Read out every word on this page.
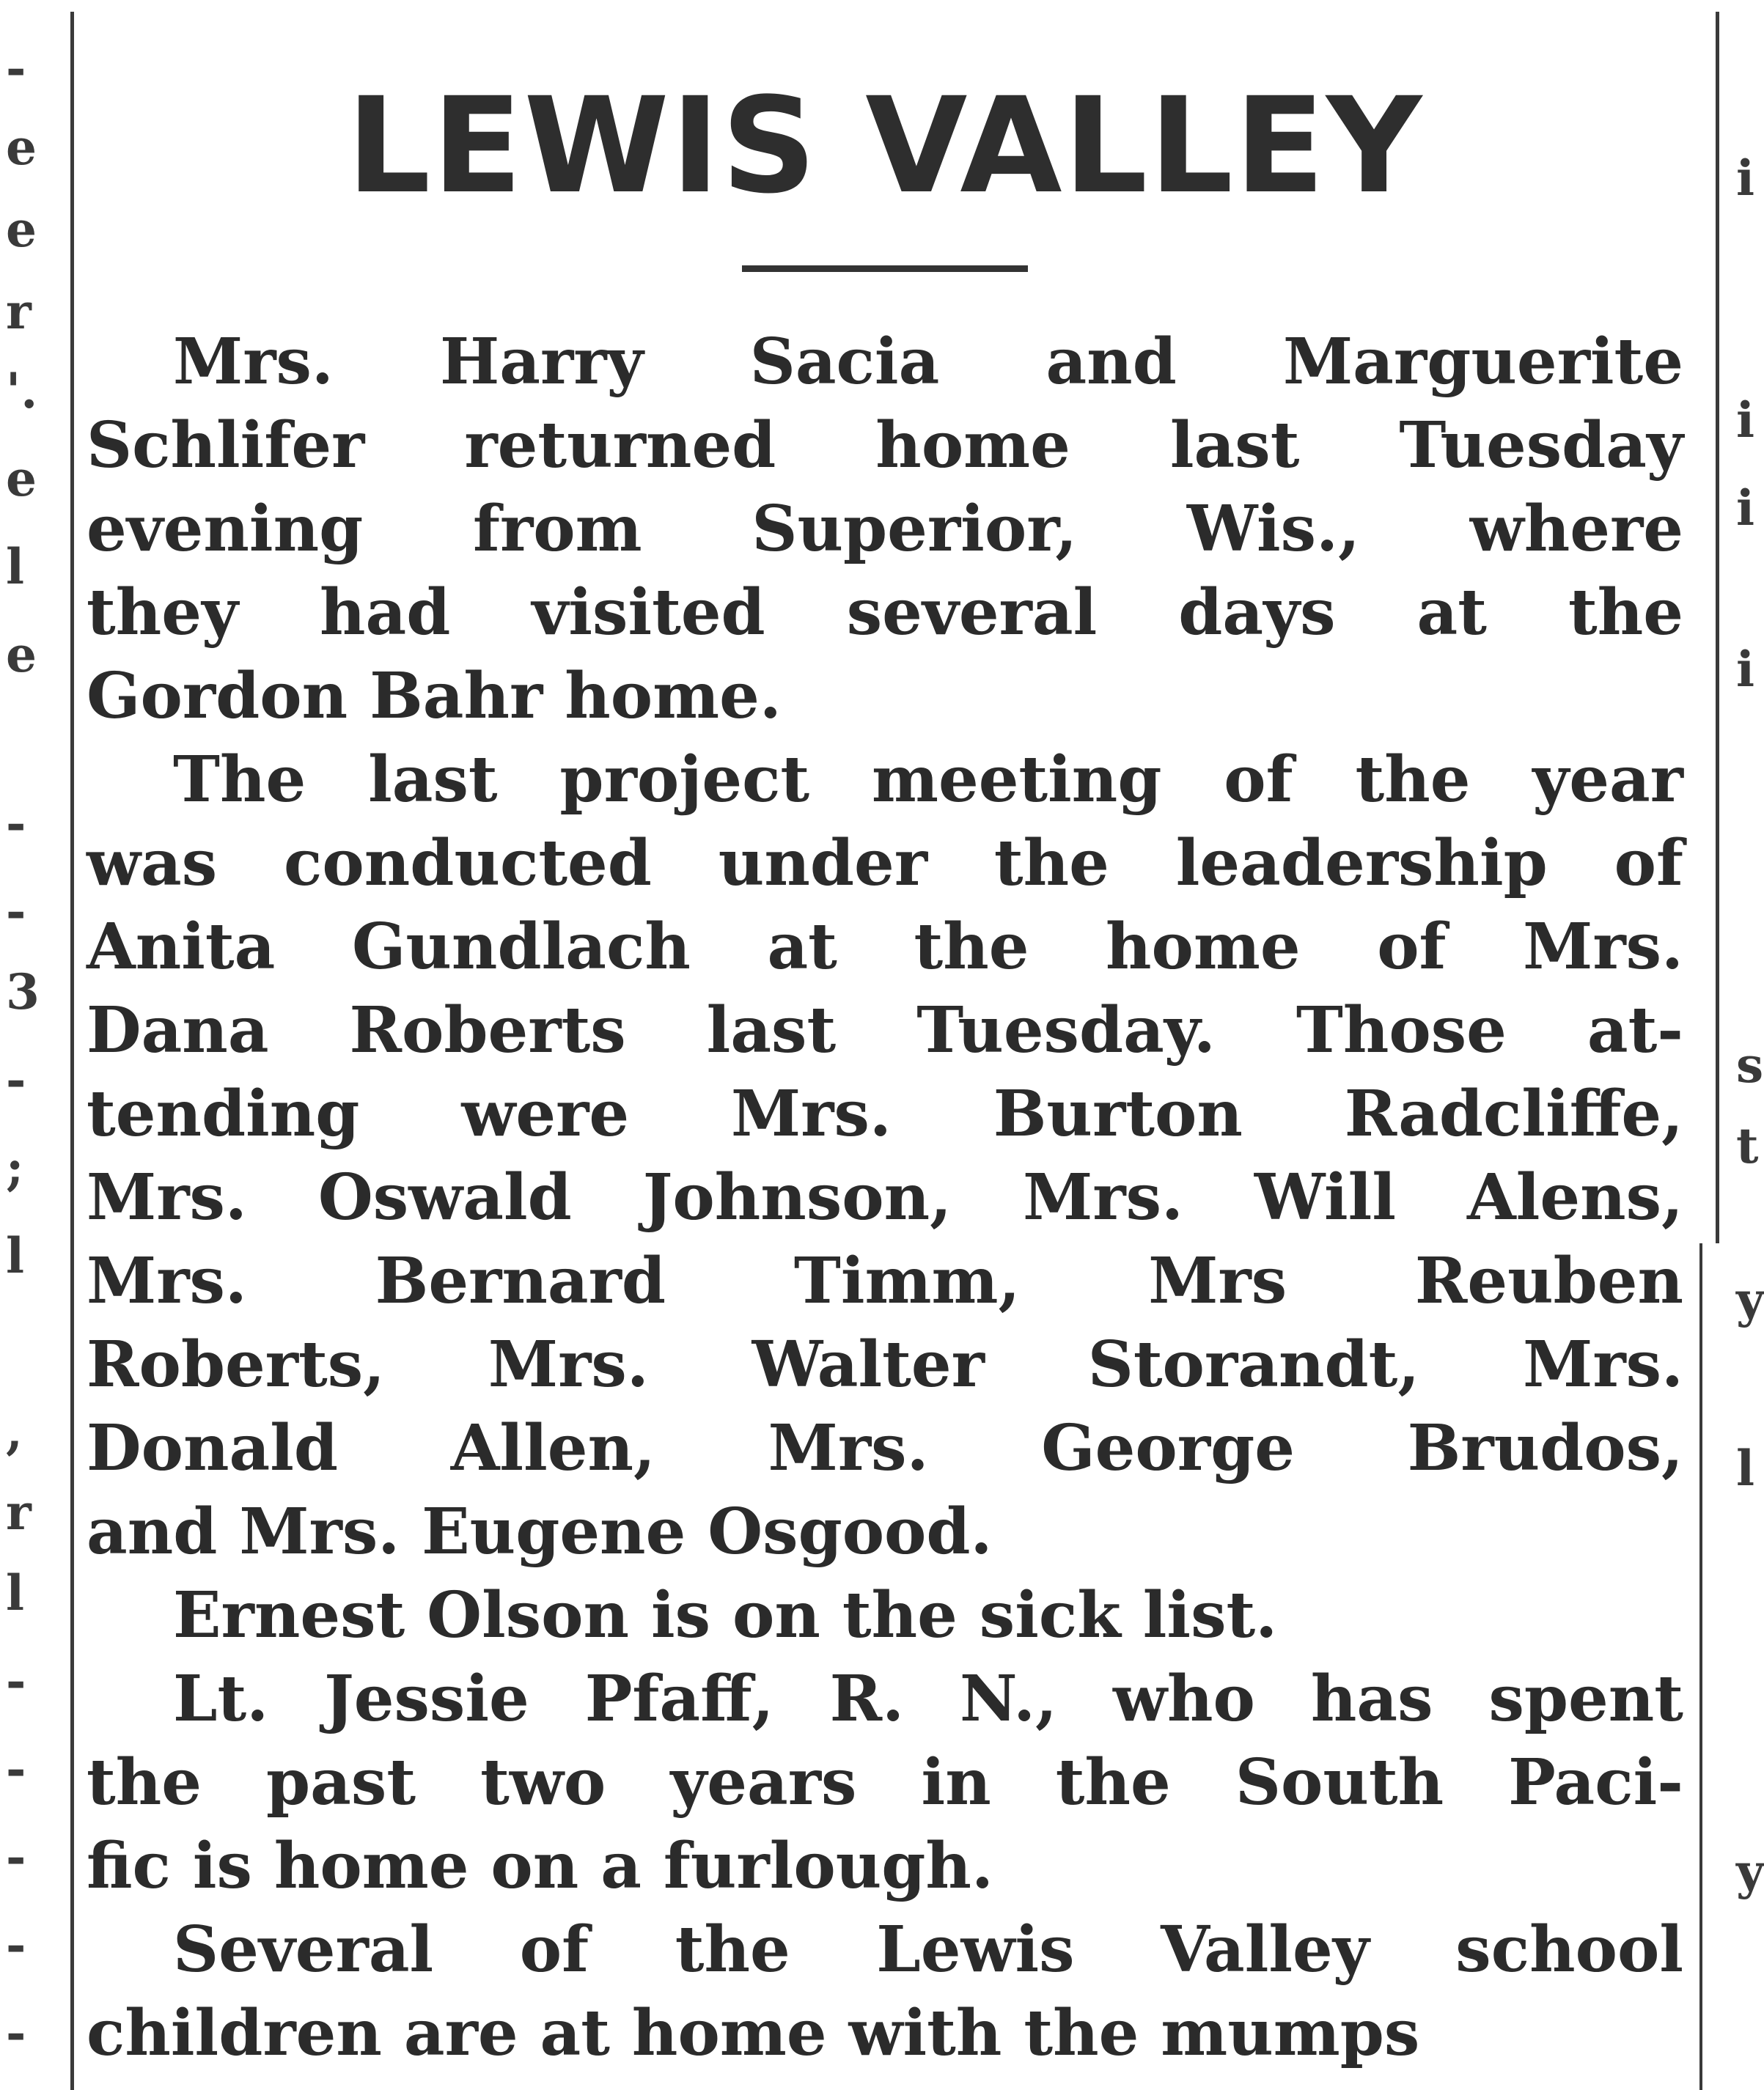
-
e
e
r
'.
e
l
e
-
-
3
-
;
l
,
r
l
-
-
-
-
-
i
i
i
i
s
t
y
l
y
LEWIS VALLEY
Mrs. Harry Sacia and Marguerite
Schlifer returned home last Tuesday
evening from Superior, Wis., where
they had visited several days at the
Gordon Bahr home.
The last project meeting of the year
was conducted under the leadership of
Anita Gundlach at the home of Mrs.
Dana Roberts last Tuesday. Those at-
tending were Mrs. Burton Radcliffe,
Mrs. Oswald Johnson, Mrs. Will Alens,
Mrs. Bernard Timm, Mrs Reuben
Roberts, Mrs. Walter Storandt, Mrs.
Donald Allen, Mrs. George Brudos,
and Mrs. Eugene Osgood.
Ernest Olson is on the sick list.
Lt. Jessie Pfaff, R. N., who has spent
the past two years in the South Paci-
fic is home on a furlough.
Several of the Lewis Valley school
children are at home with the mumps
